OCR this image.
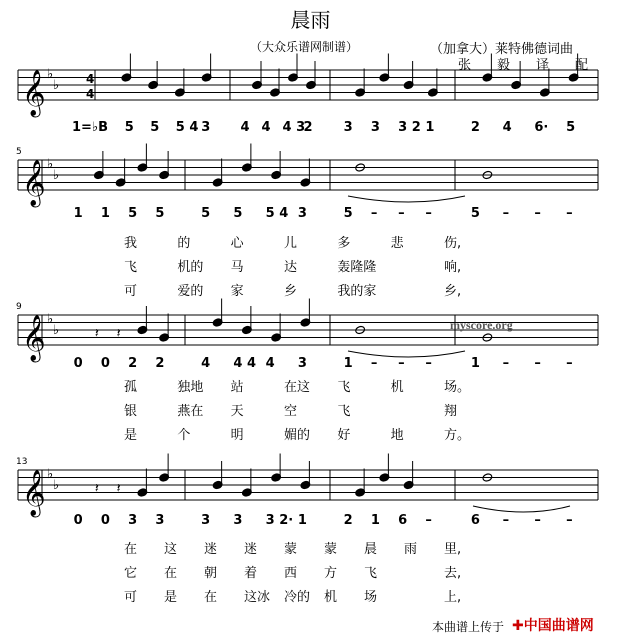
晨雨
（大众乐谱网制谱）	（加拿大）莱特佛德词曲
张　　毅　　译　　配
𝄞 ♭
♭
𝄞 ♭
♭
5
𝄞 ♭
♭
9
𝄽 𝄽
𝄞 ♭
♭
13
𝄽 𝄽
4
4
1=♭B 5 5 5 4 3 4 4 4 3
2 3 3 3 2 1	2 4 6· 5
1 1 5 5	5 5 5 4 3	5 – – –	5 – – –
0 0 2 2	4 4 4 4 3	1 – – –	1 – – –
0 0 3 3	3 3 3 2· 1	2 1 6 –	6 – – –
我	的	心	儿	多	悲	伤,
飞	机的 马	达	轰隆隆	响,
可	爱的 家	乡	我的家	乡,
孤	独地 站	在这 飞	机	场。
银	燕在 天	空	飞	翔
是	个	明	媚的 好	地	方。
在 这 迷 迷 蒙 蒙 晨 雨 里,
它 在 朝 着 西 方 飞	去,
可 是 在 这冰 冷的 机 场	上,
myscore.org
本曲谱上传于 ✚中国曲谱网
